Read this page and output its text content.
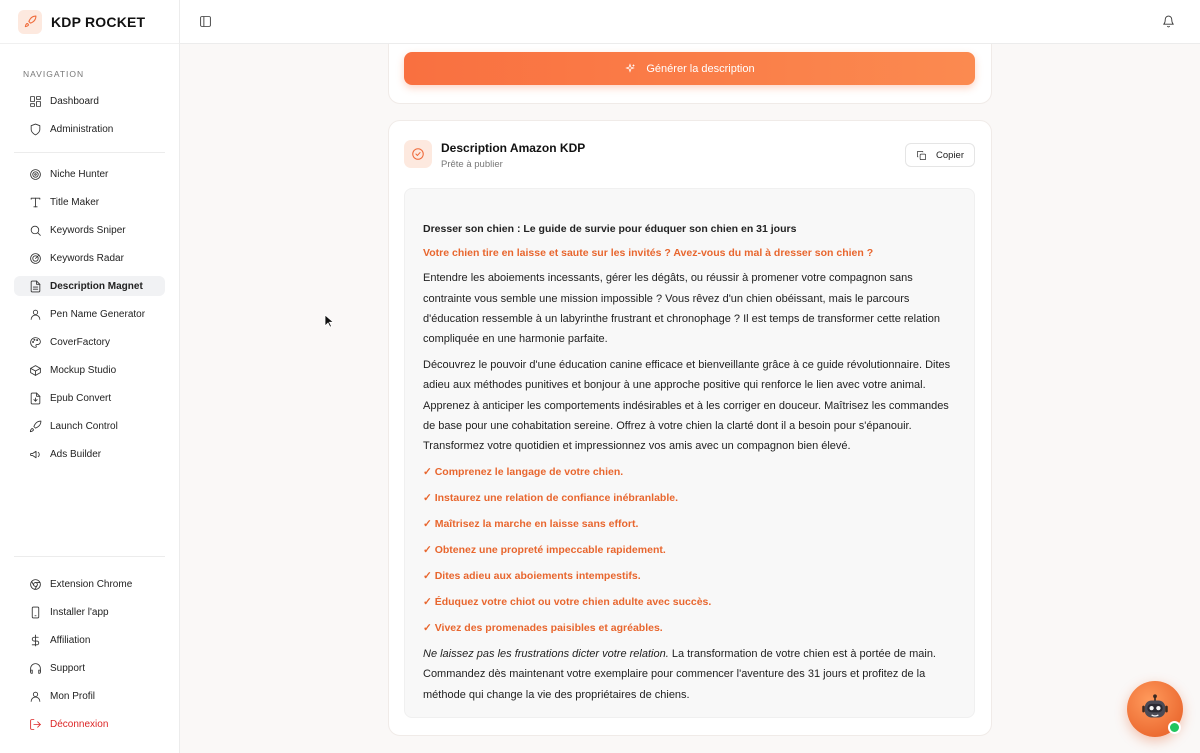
KDP ROCKET
NAVIGATION
Dashboard
Administration
Niche Hunter
Title Maker
Keywords Sniper
Keywords Radar
Description Magnet
Pen Name Generator
CoverFactory
Mockup Studio
Epub Convert
Launch Control
Ads Builder
Extension Chrome
Installer l'app
Affiliation
Support
Mon Profil
Déconnexion
Générer la description
Description Amazon KDP
Prête à publier
Copier

Dresser son chien : Le guide de survie pour éduquer son chien en 31 jours

Votre chien tire en laisse et saute sur les invités ? Avez-vous du mal à dresser son chien ?

Entendre les aboiements incessants, gérer les dégâts, ou réussir à promener votre compagnon sans contrainte vous semble une mission impossible ? Vous rêvez d'un chien obéissant, mais le parcours d'éducation ressemble à un labyrinthe frustrant et chronophage ? Il est temps de transformer cette relation compliquée en une harmonie parfaite.

Découvrez le pouvoir d'une éducation canine efficace et bienveillante grâce à ce guide révolutionnaire. Dites adieu aux méthodes punitives et bonjour à une approche positive qui renforce le lien avec votre animal. Apprenez à anticiper les comportements indésirables et à les corriger en douceur. Maîtrisez les commandes de base pour une cohabitation sereine. Offrez à votre chien la clarté dont il a besoin pour s'épanouir. Transformez votre quotidien et impressionnez vos amis avec un compagnon bien élevé.

✓ Comprenez le langage de votre chien.

✓ Instaurez une relation de confiance inébranlable.

✓ Maîtrisez la marche en laisse sans effort.

✓ Obtenez une propreté impeccable rapidement.

✓ Dites adieu aux aboiements intempestifs.

✓ Éduquez votre chiot ou votre chien adulte avec succès.

✓ Vivez des promenades paisibles et agréables.

Ne laissez pas les frustrations dicter votre relation. La transformation de votre chien est à portée de main. Commandez dès maintenant votre exemplaire pour commencer l'aventure des 31 jours et profitez de la méthode qui change la vie des propriétaires de chiens.
